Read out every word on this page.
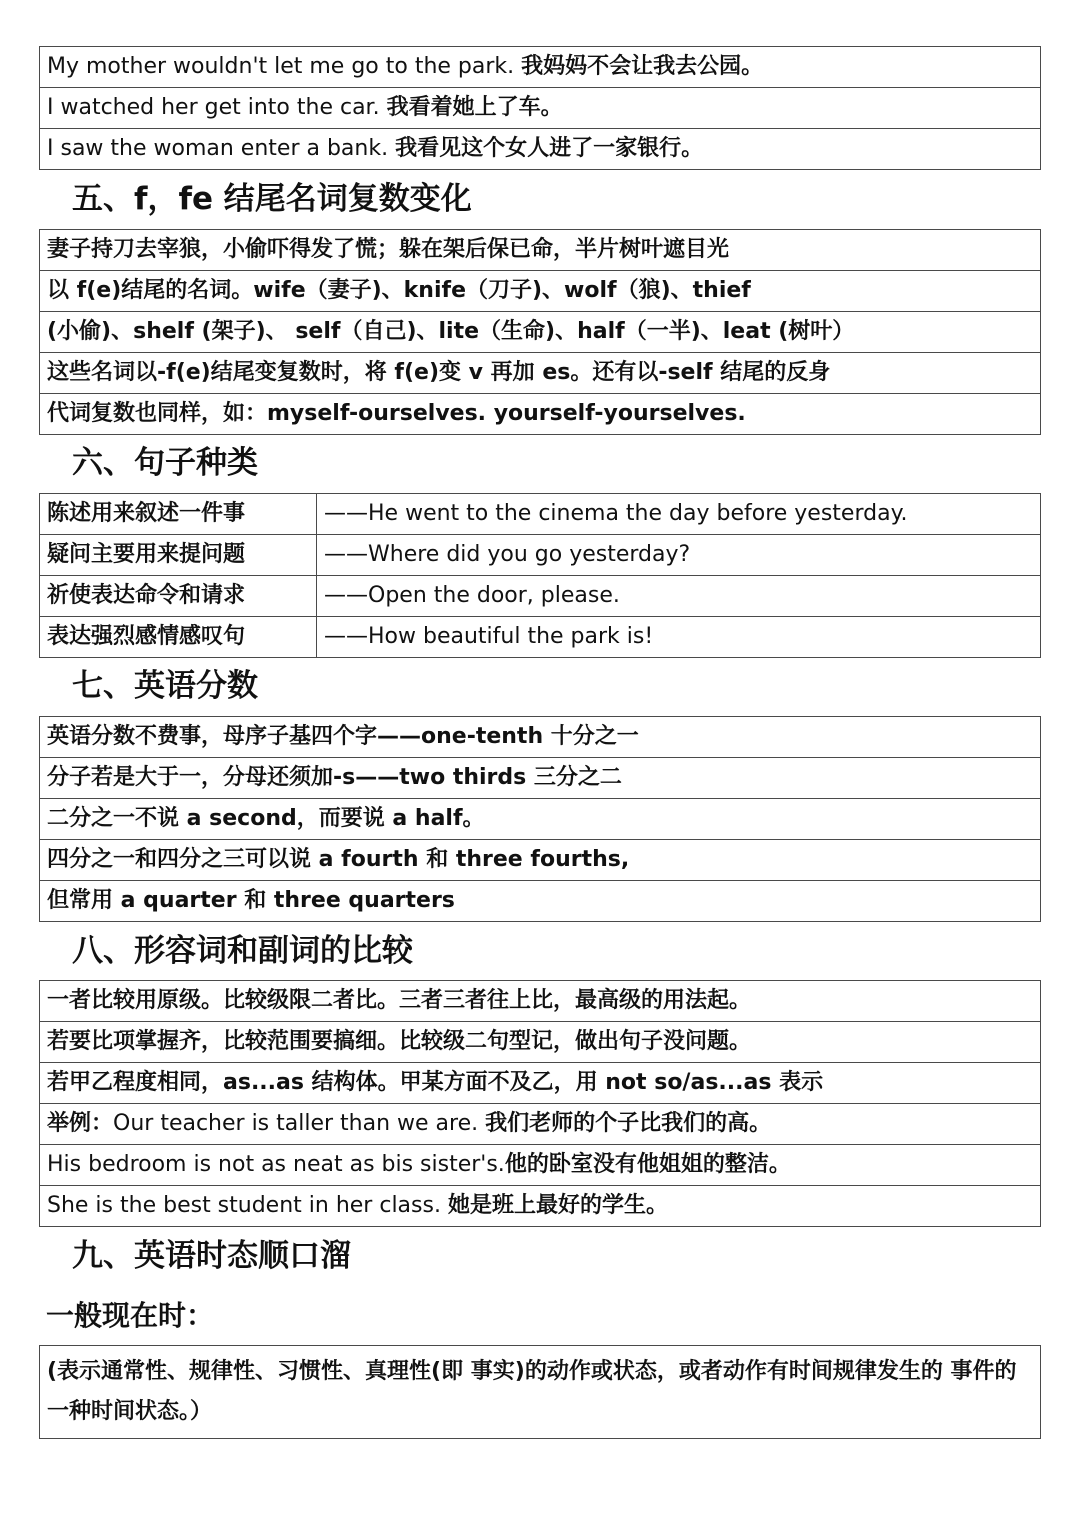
My mother wouldn't let me go to the park. 我妈妈不会让我去公园。
I watched her get into the car. 我看着她上了车。
I saw the woman enter a bank. 我看见这个女人进了一家银行。
五、f，fe 结尾名词复数变化
妻子持刀去宰狼，小偷吓得发了慌；躲在架后保已命，半片树叶遮目光
以 f(e)结尾的名词。wife（妻子)、knife（刀子)、wolf（狼)、thief
(小偷)、shelf (架子)、 self（自己)、lite（生命)、half（一半)、leat (树叶）
这些名词以-f(e)结尾变复数时，将 f(e)变 v 再加 es。还有以-self 结尾的反身
代词复数也同样，如：myself-ourselves. yourself-yourselves.
六、句子种类
陈述用来叙述一件事	——He went to the cinema the day before yesterday.
疑问主要用来提问题	——Where did you go yesterday?
祈使表达命令和请求	——Open the door, please.
表达强烈感情感叹句	——How beautiful the park is!
七、英语分数
英语分数不费事，母序子基四个字——one-tenth 十分之一
分子若是大于一，分母还须加-s——two thirds 三分之二
二分之一不说 a second，而要说 a half。
四分之一和四分之三可以说 a fourth 和 three fourths,
但常用 a quarter 和 three quarters
八、形容词和副词的比较
一者比较用原级。比较级限二者比。三者三者往上比，最高级的用法起。
若要比项掌握齐，比较范围要搞细。比较级二句型记，做出句子没问题。
若甲乙程度相同，as...as 结构体。甲某方面不及乙，用 not so/as...as 表示
举例：Our teacher is taller than we are. 我们老师的个子比我们的高。
His bedroom is not as neat as bis sister's.他的卧室没有他姐姐的整洁。
She is the best student in her class. 她是班上最好的学生。
九、英语时态顺口溜
一般现在时：
(表示通常性、规律性、习惯性、真理性(即 事实)的动作或状态，或者动作有时间规律发生的 事件的一种时间状态。）
